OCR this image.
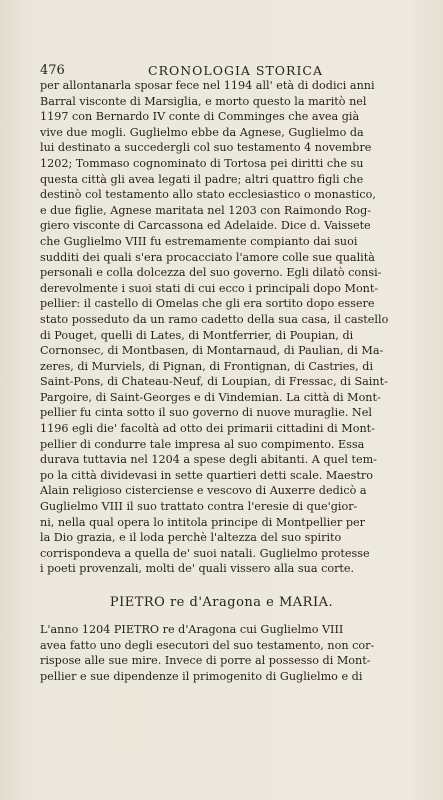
476	CRONOLOGIA STORICA
per allontanarla sposar fece nel 1194 all' età di dodici anni
Barral visconte di Marsiglia, e morto questo la maritò nel
1197 con Bernardo IV conte di Comminges che avea già
vive due mogli. Guglielmo ebbe da Agnese, Guglielmo da
lui destinato a succedergli col suo testamento 4 novembre
1202; Tommaso cognominato di Tortosa pei diritti che su
questa città gli avea legati il padre; altri quattro figli che
destinò col testamento allo stato ecclesiastico o monastico,
e due figlie, Agnese maritata nel 1203 con Raimondo Rog-
giero visconte di Carcassona ed Adelaide. Dice d. Vaissete
che Guglielmo VIII fu estremamente compianto dai suoi
sudditi dei quali s'era procacciato l'amore colle sue qualità
personali e colla dolcezza del suo governo. Egli dilatò consi-
derevolmente i suoi stati di cui ecco i principali dopo Mont-
pellier: il castello di Omelas che gli era sortito dopo essere
stato posseduto da un ramo cadetto della sua casa, il castello
di Pouget, quelli di Lates, di Montferrier, di Poupian, di
Cornonsec, di Montbasen, di Montarnaud, di Paulian, di Ma-
zeres, di Murviels, di Pignan, di Frontignan, di Castries, di
Saint-Pons, di Chateau-Neuf, di Loupian, di Fressac, di Saint-
Pargoire, di Saint-Georges e di Vindemian. La città di Mont-
pellier fu cinta sotto il suo governo di nuove muraglie. Nel
1196 egli die' facoltà ad otto dei primarii cittadini di Mont-
pellier di condurre tale impresa al suo compimento. Essa
durava tuttavia nel 1204 a spese degli abitanti. A quel tem-
po la città dividevasi in sette quartieri detti scale. Maestro
Alain religioso cisterciense e vescovo di Auxerre dedicò a
Guglielmo VIII il suo trattato contra l'eresie di que'gior-
ni, nella qual opera lo intitola principe di Montpellier per
la Dio grazia, e il loda perchè l'altezza del suo spirito
corrispondeva a quella de' suoi natali. Guglielmo protesse
i poeti provenzali, molti de' quali vissero alla sua corte.
PIETRO re d'Aragona e MARIA.
L'anno 1204 PIETRO re d'Aragona cui Guglielmo VIII
avea fatto uno degli esecutori del suo testamento, non cor-
rispose alle sue mire. Invece di porre al possesso di Mont-
pellier e sue dipendenze il primogenito di Guglielmo e di
